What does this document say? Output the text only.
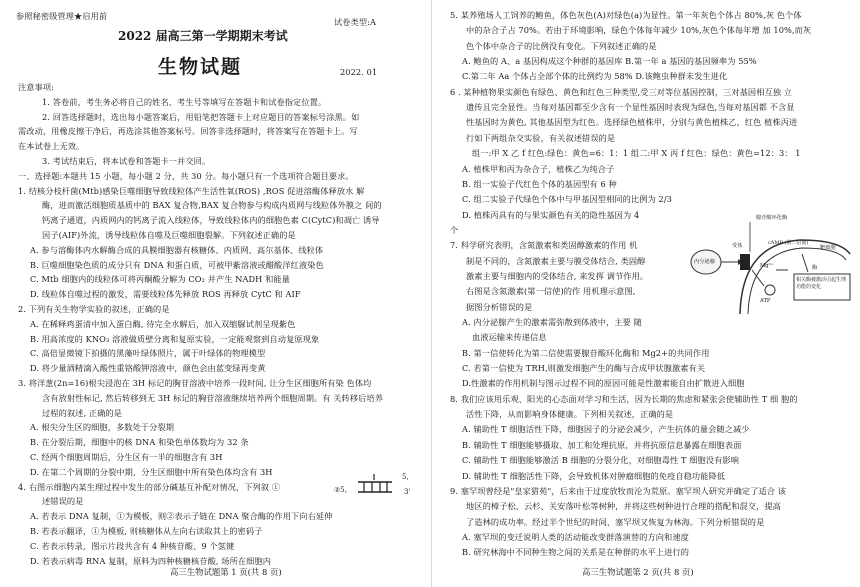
参照秘密级管理★启用前
试卷类型:A
2022 届高三第一学期期末考试
生物试题	2022. 01
注意事项:
1. 答卷前，考生务必将自己的姓名、考生号等填写在答题卡和试卷指定位置。
2. 回答选择题时，选出每小题答案后，用铅笔把答题卡上对应题目的答案标号涂黑。如
需改动，用橡皮擦干净后，再选涂其他答案标号。回答非选择题时，将答案写在答题卡上。写
在本试卷上无效。
3. 考试结束后，将本试卷和答题卡一并交回。
一、选择题:本题共 15 小题，每小题 2 分，共 30 分。每小题只有一个选项符合题目要求。
1. 结核分枝杆菌(Mtb)感染巨噬细胞导致线粒体产生活性氧(ROS) ,ROS 促进溶酶体释放水 解
酶，进而激活细胞质基质中的 BAX 复合物,BAX 复合物参与构成内质网与线粒体外膜之 间的
钙离子通道，内质网内的钙离子流入线粒体，导致线粒体内的细胞色素 C(CytC)和凋亡 诱导
因子(AIF)外流，诱导线粒体自噬及巨噬细胞裂解。下列叙述正确的是
A. 参与溶酶体内水解酶合成的具膜细胞器有核糖体、内质网、高尔基体、线粒体
B. 巨噬细胞染色质的成分只有 DNA 和蛋白质，可被甲紫溶液或醋酸洋红液染色
C. Mtb 细胞内的线粒体可将丙酮酸分解为 CO₂ 并产生 NADH 和能量
D. 线粒体自噬过程的激发，需要线粒体先释放 ROS 再释放 CytC 和 AIF
2. 下列有关生物学实验的叙述，正确的是
A. 在稀释鸡蛋清中加入蛋白酶, 待完全水解后，加入双缩脲试剂呈现紫色
B. 用高浓度的 KNO₃ 溶液做质壁分离和复原实验，一定能观察到自动复原现象
C. 高倍显微镜下拍摄的黑藻叶绿体照片，属于叶绿体的物理模型
D. 将少量酒精滴入酸性重铬酸钾溶液中，颜色会由蓝变绿再变黄
3. 将洋葱(2n=16)根尖浸泡在 3H 标记的胸苷溶液中培养一段时间, 让分生区细胞所有染 色体均
含有放射性标记, 然后转移到无 3H 标记的胸苷溶液继续培养两个细胞周期。有 关转移后培养
过程的叙述, 正确的是
A. 根尖分生区的细胞，多数处于分裂期
B. 在分裂后期，细胞中的核 DNA 和染色单体数均为 32 条
C. 经两个细胞周期后，分生区有一半的细胞含有 3H
D. 在第二个周期的分裂中期，分生区细胞中所有染色体均含有 3H
4. 右图示细胞内某生理过程中发生的部分碱基互补配对情况，下列叙 ①
述错误的是
A. 若表示 DNA 复制，①为模板，则②表示子链在 DNA 聚合酶的作用下向右延伸
B. 若表示翻译，①为模板, 则核糖体从左向右读取其上的密码子
C. 若表示转录，图示片段共含有 4 种核苷酸、9 个氢键
D. 若表示病毒 RNA 复制，原料为四种核糖核苷酸, 场所在细胞内
5,
3'
②5,
高三生物试题第 1 页(共 8 页)
5. 某养殖场人工饲养的鲍鱼，体色灰色(A)对绿色(a)为显性。第一年灰色个体占 80%,灰 色个体
中的杂合子占 70%。若由于环境影响，绿色个体每年减少 10%,灰色个体每年增 加 10%,而灰
色个体中杂合子的比例没有变化。下列叙述正确的是
A. 鲍鱼的 A、a 基因构成这个种群的基因库 B.第一年 a 基因的基因频率为 55%
C.第二年 Aa 个体占全部个体的比例约为 58% D.该鲍虫种群未发生进化
6 . 某种植物果实颜色有绿色、黄色和红色三种类型,受三对等位基因控制，三对基因相互独 立
遗传且完全显性。当每对基因都至少含有一个显性基因时表现为绿色,当每对基因都 不含显
性基因时为黄色, 其他基因型为红色。选择绿色植株甲，分别与黄色植株乙，红色 植株丙进
行如下两组杂交实验，有关叙述错误的是
组一:甲 X 乙 f 红色:绿色：黄色=6：1：1 组二:甲 X 丙 f 红色：绿色：黄色=12：3： 1
A. 植株甲和丙为杂合子，植株乙为纯合子
B. 组一实验子代红色个体的基因型有 6 种
C. 组二实验子代绿色个体中与甲基因型相同的比例为 2/3
D. 植株丙具有的与果实颜色有关的隐性基因为 4
个
7. 科学研究表明，含氮激素和类固醇激素的作用 机
制是不同的，含氮激素主要与膜受体结合, 类固醇
激素主要与细胞内的受体结合, 来发挥 调节作用。
右图是含氮激素(第一信使)的作 用机理示意图,
据图分析错误的是
A. 内分泌腺产生的激素需弥散到体液中，主要 随
血液运输来传递信息
B. 第一信使转化为第二信使需要腺苷酸环化酶和 Mg2+的共同作用
C. 若第一信使为 TRH,则激发细胞产生的酶与合成甲状腺激素有关
D.性激素的作用机制与图示过程不同的原因可能是性激素能自由扩散进入细胞
8. 我们应该用乐观、阳光的心态面对学习和生活，因为长期的焦虑和紧张会使辅助性 T 细 胞的
活性下降，从而影响身体健康。下列相关叙述，正确的是
A. 辅助性 T 细胞活性下降，细胞因子的分泌会减少，产生抗体的量会随之减少
B. 辅助性 T 细胞能够摄取、加工和处理抗原，并将抗原信息暴露在细胞表面
C. 辅助性 T 细胞能够激活 B 细胞的分裂分化，对细胞毒性 T 细胞没有影响
D. 辅助性 T 细胞活性下降，会导致机体对肿瘤细胞的免疫自稳功能降低
9. 塞罕坝曾经是"皇家猎苑"，后来由于过度放牧而沦为荒原。塞罕坝人研究并确定了适合 该
地区的樟子松、云杉、关安落叶松等树种，并将这些树种进行合理的搭配和混交，提高
了造林的成功率。经过半个世纪的时间，塞罕坝又恢复为林海。下列分析错误的是
A. 塞罕坝的变迁说明人类的活动能改变群落演替的方向和速度
B. 研究林海中不同种生物之间的关系是在种群的水平上进行的
腺苷酸环化酶
受体
内分泌腺
cAMP (第二信使)
靶细胞
Mg²⁺
ATP
酶
相关酶被激活引起生理功能的变化
高三生物试题第 2 页(共 8 页)
